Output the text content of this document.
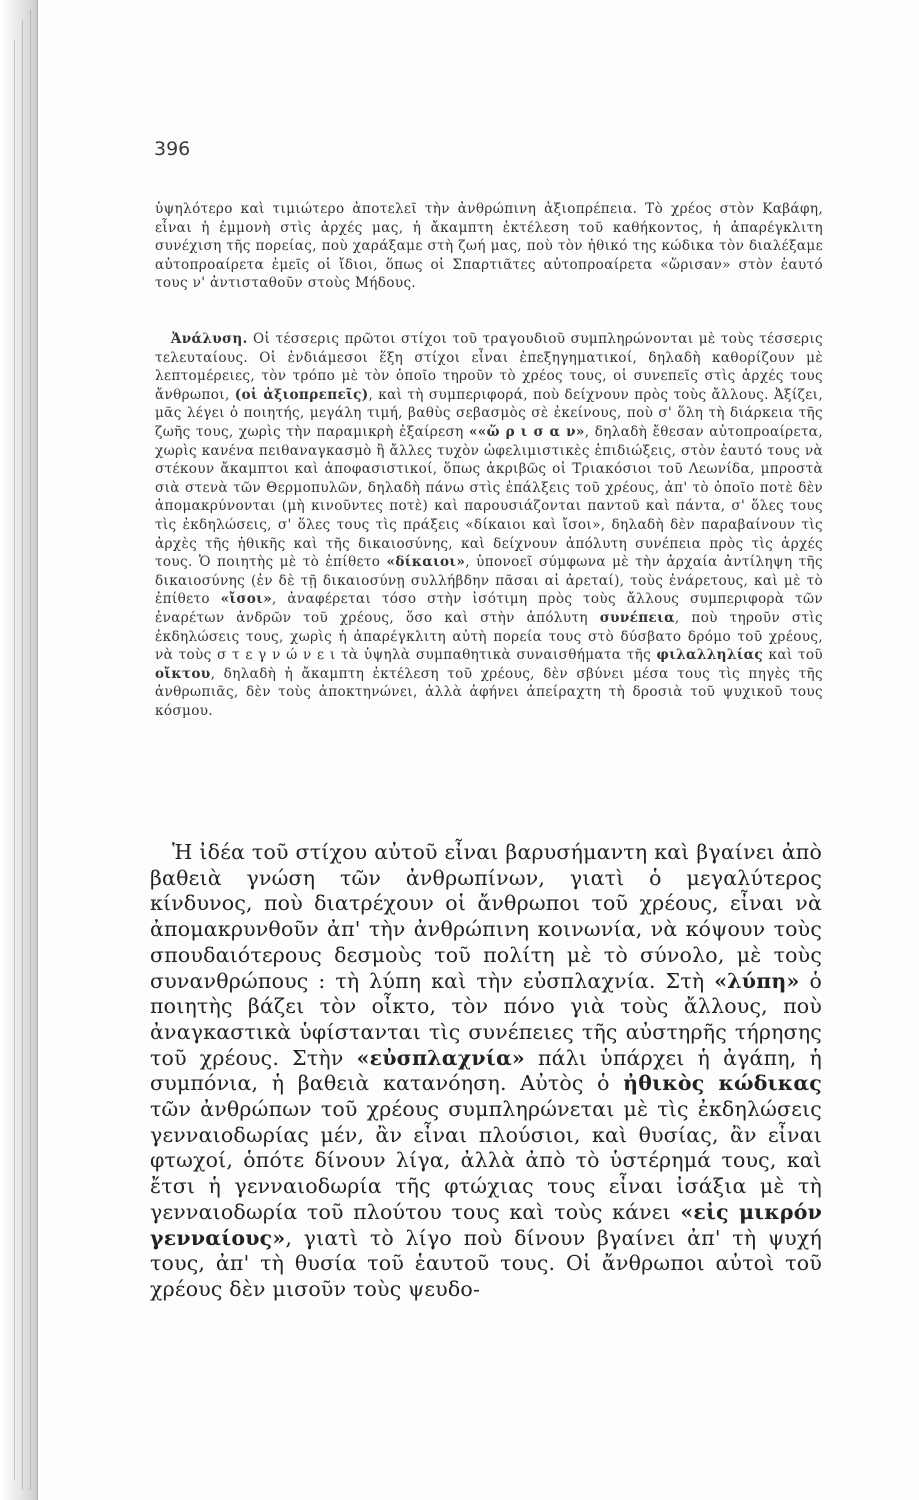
396

ὑψηλότερο καὶ τιμιώτερο ἀποτελεῖ τὴν ἀνθρώπινη ἀξιοπρέπεια. Τὸ χρέος στὸν Καβάφη, εἶναι ἡ ἐμμονὴ στὶς ἀρχές μας, ἡ ἄκαμπτη ἐκτέλεση τοῦ καθήκοντος, ἡ ἀπαρέγκλιτη συνέχιση τῆς πορείας, ποὺ χαράξαμε στὴ ζωή μας, ποὺ τὸν ἠθικό της κώδικα τὸν διαλέξαμε αὐτοπροαίρετα ἐμεῖς οἱ ἴδιοι, ὅπως οἱ Σπαρτιᾶτες αὐτοπροαίρετα «ὥρισαν» στὸν ἑαυτό τους ν' ἀντισταθοῦν στοὺς Μήδους.

Ἀνάλυση. Οἱ τέσσερις πρῶτοι στίχοι τοῦ τραγουδιοῦ συμπληρώνονται μὲ τοὺς τέσσερις τελευταίους. Οἱ ἐνδιάμεσοι ἕξη στίχοι εἶναι ἐπεξηγηματικοί, δηλαδὴ καθορίζουν μὲ λεπτομέρειες, τὸν τρόπο μὲ τὸν ὁποῖο τηροῦν τὸ χρέος τους, οἱ συνεπεῖς στὶς ἀρχές τους ἄνθρωποι, (οἱ ἀξιοπρεπεῖς), καὶ τὴ συμπεριφορά, ποὺ δείχνουν πρὸς τοὺς ἄλλους. Ἀξίζει, μᾶς λέγει ὁ ποιητής, μεγάλη τιμή, βαθὺς σεβασμὸς σὲ ἐκείνους, ποὺ σ' ὅλη τὴ διάρκεια τῆς ζωῆς τους, χωρὶς τὴν παραμικρὴ ἐξαίρεση ««ὥ ρ ι σ α ν», δηλαδὴ ἔθεσαν αὐτοπροαίρετα, χωρὶς κανένα πειθαναγκασμὸ ἢ ἄλλες τυχὸν ὠφελιμιστικὲς ἐπιδιώξεις, στὸν ἑαυτό τους νὰ στέκουν ἄκαμπτοι καὶ ἀποφασιστικοί, ὅπως ἀκριβῶς οἱ Τριακόσιοι τοῦ Λεωνίδα, μπροστὰ σιὰ στενὰ τῶν Θερμοπυλῶν, δηλαδὴ πάνω στὶς ἐπάλξεις τοῦ χρέους, ἀπ' τὸ ὁποῖο ποτὲ δὲν ἀπομακρύνονται (μὴ κινοῦντες ποτὲ) καὶ παρουσιάζονται παντοῦ καὶ πάντα, σ' ὅλες τους τὶς ἐκδηλώσεις, σ' ὅλες τους τὶς πράξεις «δίκαιοι καὶ ἴσοι», δηλαδὴ δὲν παραβαίνουν τὶς ἀρχὲς τῆς ἠθικῆς καὶ τῆς δικαιοσύνης, καὶ δείχνουν ἀπόλυτη συνέπεια πρὸς τὶς ἀρχές τους. Ὁ ποιητὴς μὲ τὸ ἐπίθετο «δίκαιοι», ὑπονοεῖ σύμφωνα μὲ τὴν ἀρχαία ἀντίληψη τῆς δικαιοσύνης (ἐν δὲ τῇ δικαιοσύνῃ συλλήβδην πᾶσαι αἱ ἀρεταί), τοὺς ἐνάρετους, καὶ μὲ τὸ ἐπίθετο «ἴσοι», ἀναφέρεται τόσο στὴν ἰσότιμη πρὸς τοὺς ἄλλους συμπεριφορὰ τῶν ἐναρέτων ἀνδρῶν τοῦ χρέους, ὅσο καὶ στὴν ἀπόλυτη συνέπεια, ποὺ τηροῦν στὶς ἐκδηλώσεις τους, χωρὶς ἡ ἀπαρέγκλιτη αὐτὴ πορεία τους στὸ δύσβατο δρόμο τοῦ χρέους, νὰ τοὺς σ τ ε γ ν ώ ν ε ι τὰ ὑψηλὰ συμπαθητικὰ συναισθήματα τῆς φιλαλληλίας καὶ τοῦ οἴκτου, δηλαδὴ ἡ ἄκαμπτη ἐκτέλεση τοῦ χρέους, δὲν σβύνει μέσα τους τὶς πηγὲς τῆς ἀνθρωπιᾶς, δὲν τοὺς ἀποκτηνώνει, ἀλλὰ ἀφήνει ἀπείραχτη τὴ δροσιὰ τοῦ ψυχικοῦ τους κόσμου.

Ἡ ἰδέα τοῦ στίχου αὐτοῦ εἶναι βαρυσήμαντη καὶ βγαίνει ἀπὸ βαθειὰ γνώση τῶν ἀνθρωπίνων, γιατὶ ὁ μεγαλύτερος κίνδυνος, ποὺ διατρέχουν οἱ ἄνθρωποι τοῦ χρέους, εἶναι νὰ ἀπομακρυνθοῦν ἀπ' τὴν ἀνθρώπινη κοινωνία, νὰ κόψουν τοὺς σπουδαιότερους δεσμοὺς τοῦ πολίτη μὲ τὸ σύνολο, μὲ τοὺς συνανθρώπους : τὴ λύπη καὶ τὴν εὐσπλαχνία. Στὴ «λύπη» ὁ ποιητὴς βάζει τὸν οἶκτο, τὸν πόνο γιὰ τοὺς ἄλλους, ποὺ ἀναγκαστικὰ ὑφίστανται τὶς συνέπειες τῆς αὐστηρῆς τήρησης τοῦ χρέους. Στὴν «εὐσπλαχνία» πάλι ὑπάρχει ἡ ἀγάπη, ἡ συμπόνια, ἡ βαθειὰ κατανόηση. Αὐτὸς ὁ ἠθικὸς κώδικας τῶν ἀνθρώπων τοῦ χρέους συμπληρώνεται μὲ τὶς ἐκδηλώσεις γενναιοδωρίας μέν, ἂν εἶναι πλούσιοι, καὶ θυσίας, ἂν εἶναι φτωχοί, ὁπότε δίνουν λίγα, ἀλλὰ ἀπὸ τὸ ὑστέρημά τους, καὶ ἔτσι ἡ γενναιοδωρία τῆς φτώχιας τους εἶναι ἰσάξια μὲ τὴ γενναιοδωρία τοῦ πλούτου τους καὶ τοὺς κάνει «εἰς μικρόν γενναίους», γιατὶ τὸ λίγο ποὺ δίνουν βγαίνει ἀπ' τὴ ψυχή τους, ἀπ' τὴ θυσία τοῦ ἑαυτοῦ τους. Οἱ ἄνθρωποι αὐτοὶ τοῦ χρέους δὲν μισοῦν τοὺς ψευδο-
